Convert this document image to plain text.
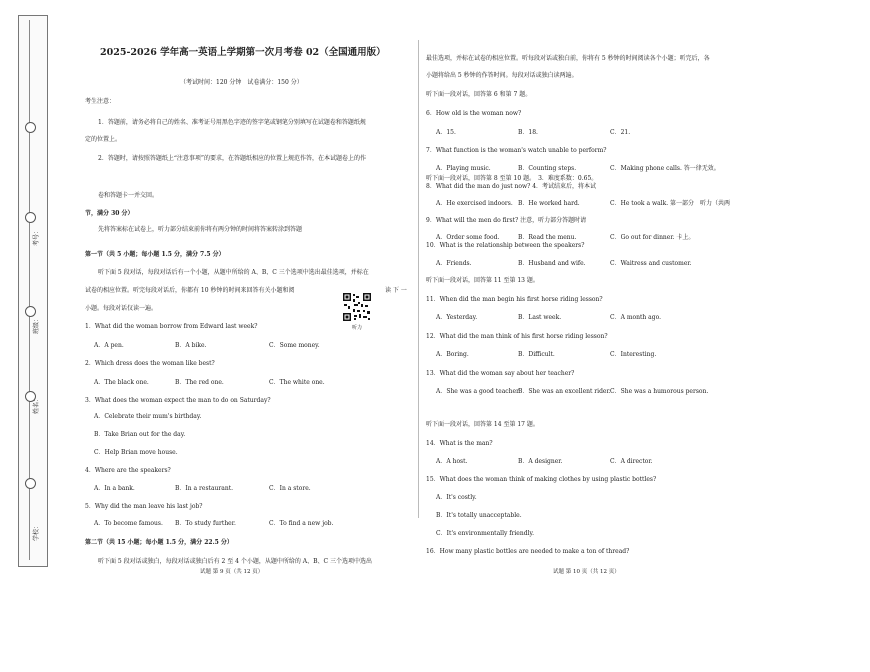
学校：
姓名：
班级：
考号：
2025-2026 学年高一英语上学期第一次月考卷 02（全国通用版）
（考试时间：120 分钟　试卷满分：150 分）
考生注意：
1．答题前，请务必将自己的姓名、准考证号用黑色字迹的签字笔或钢笔分别填写在试题卷和答题纸规
定的位置上。
2．答题时，请按照答题纸上“注意事项”的要求，在答题纸相应的位置上规范作答，在本试题卷上的作
卷和答题卡一并交回。
节，满分 30 分）
先将答案标在试卷上，听力部分结束前你将有两分钟的时间将答案转涂到答题
第一节（共 5 小题；每小题 1.5 分，满分 7.5 分）
听下面 5 段对话，每段对话后有一个小题，从题中所给的 A、B、C 三个选项中选出最佳选项，并标在
试卷的相应位置。听完每段对话后，你都有 10 秒钟的时间来回答有关小题和阅	读 下 一
小题。每段对话仅读一遍。
听力
1．What did the woman borrow from Edward last week?
A．A pen.	B．A bike.	C．Some money.
2．Which dress does the woman like best?
A．The black one.	B．The red one.	C．The white one.
3．What does the woman expect the man to do on Saturday?
A．Celebrate their mum's birthday.
B．Take Brian out for the day.
C．Help Brian move house.
4．Where are the speakers?
A．In a bank.	B．In a restaurant.	C．In a store.
5．Why did the man leave his last job?
A．To become famous. B．To study further.	C．To find a new job.
第二节（共 15 小题；每小题 1.5 分，满分 22.5 分）
听下面 5 段对话或独白，每段对话或独白后有 2 至 4 个小题，从题中所给的 A、B、C 三个选项中选出
试题 第 9 页（共 12 页）
最佳选项，并标在试卷的相应位置。听每段对话或独白前，你将有 5 秒钟的时间阅读各个小题；听完后，各
小题将给出 5 秒钟的作答时间。每段对话或独白读两遍。
听下面一段对话，回答第 6 和第 7 题。
6．How old is the woman now?
A．15.	B．18.	C．21.
7．What function is the woman's watch unable to perform?
A．Playing music.	B．Counting steps.	C．Making phone calls. 答一律无效。
听下面一段对话，回答第 8 至第 10 题。　3．难度系数：0.65。
8．What did the man do just now? 4．考试结束后，将本试
A．He exercised indoors. B．He worked hard.	C．He took a walk. 第一部分　听力（共两
9．What will the men do first? 注意，听力部分答题时请
A．Order some food.	B．Read the menu.	C．Go out for dinner. 卡上。
10．What is the relationship between the speakers?
A．Friends.	B．Husband and wife.	C．Waitress and customer.
听下面一段对话，回答第 11 至第 13 题。
11．When did the man begin his first horse riding lesson?
A．Yesterday.	B．Last week.	C．A month ago.
12．What did the man think of his first horse riding lesson?
A．Boring.	B．Difficult.	C．Interesting.
13．What did the woman say about her teacher?
A．She was a good teacher.
B．She was an excellent rider. C．She was a humorous person.
听下面一段对话，回答第 14 至第 17 题。
14．What is the man?
A．A host.	B．A designer.	C．A director.
15．What does the woman think of making clothes by using plastic bottles?
A．It's costly.
B．It's totally unacceptable.
C．It's environmentally friendly.
16．How many plastic bottles are needed to make a ton of thread?
试题 第 10 页（共 12 页）
